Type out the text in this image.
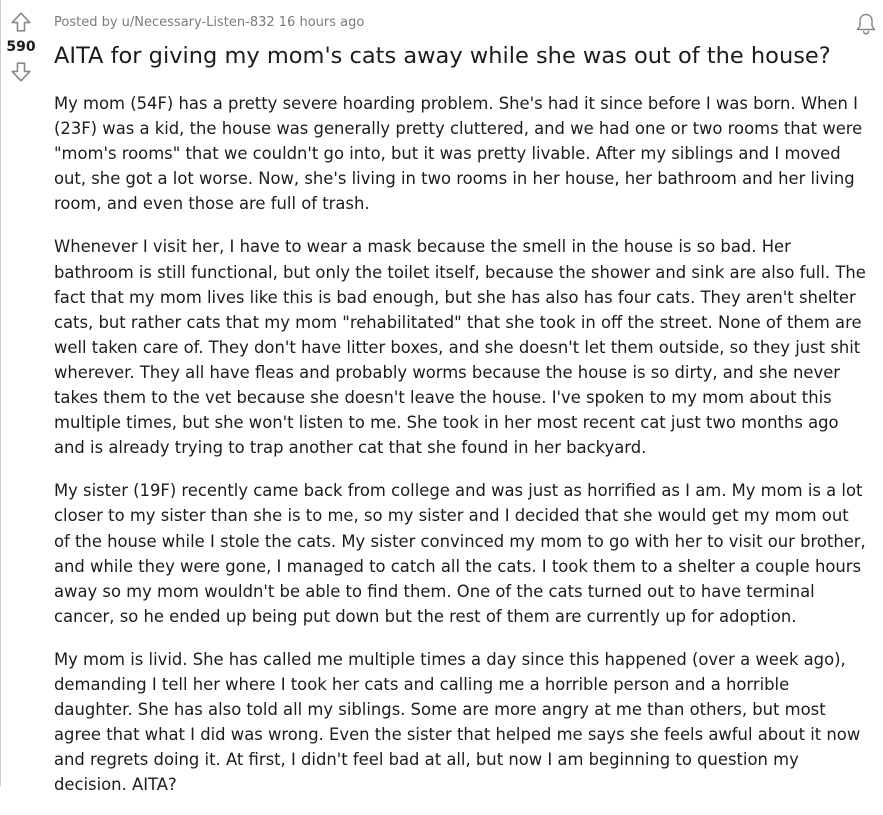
590
Posted by u/Necessary-Listen-832 16 hours ago
AITA for giving my mom's cats away while she was out of the house?

My mom (54F) has a pretty severe hoarding problem. She's had it since before I was born. When I (23F) was a kid, the house was generally pretty cluttered, and we had one or two rooms that were "mom's rooms" that we couldn't go into, but it was pretty livable. After my siblings and I moved out, she got a lot worse. Now, she's living in two rooms in her house, her bathroom and her living room, and even those are full of trash.

Whenever I visit her, I have to wear a mask because the smell in the house is so bad. Her bathroom is still functional, but only the toilet itself, because the shower and sink are also full. The fact that my mom lives like this is bad enough, but she has also has four cats. They aren't shelter cats, but rather cats that my mom "rehabilitated" that she took in off the street. None of them are well taken care of. They don't have litter boxes, and she doesn't let them outside, so they just shit wherever. They all have fleas and probably worms because the house is so dirty, and she never takes them to the vet because she doesn't leave the house. I've spoken to my mom about this multiple times, but she won't listen to me. She took in her most recent cat just two months ago and is already trying to trap another cat that she found in her backyard.

My sister (19F) recently came back from college and was just as horrified as I am. My mom is a lot closer to my sister than she is to me, so my sister and I decided that she would get my mom out of the house while I stole the cats. My sister convinced my mom to go with her to visit our brother, and while they were gone, I managed to catch all the cats. I took them to a shelter a couple hours away so my mom wouldn't be able to find them. One of the cats turned out to have terminal cancer, so he ended up being put down but the rest of them are currently up for adoption.

My mom is livid. She has called me multiple times a day since this happened (over a week ago), demanding I tell her where I took her cats and calling me a horrible person and a horrible daughter. She has also told all my siblings. Some are more angry at me than others, but most agree that what I did was wrong. Even the sister that helped me says she feels awful about it now and regrets doing it. At first, I didn't feel bad at all, but now I am beginning to question my decision. AITA?
